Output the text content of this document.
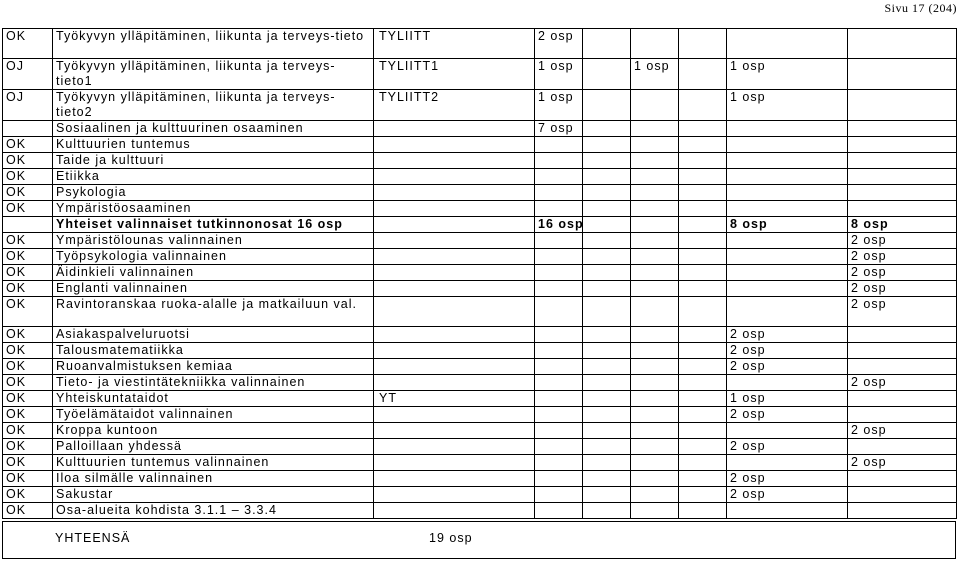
Sivu 17 (204)
OK	Työkyvyn ylläpitäminen, liikunta ja terveys-tieto	TYLIITT	2 osp					
OJ	Työkyvyn ylläpitäminen, liikunta ja terveys-tieto1	TYLIITT1	1 osp		1 osp		1 osp	
OJ	Työkyvyn ylläpitäminen, liikunta ja terveys-tieto2	TYLIITT2	1 osp				1 osp	
	Sosiaalinen ja kulttuurinen osaaminen		7 osp					
OK	Kulttuurien tuntemus							
OK	Taide ja kulttuuri							
OK	Etiikka							
OK	Psykologia							
OK	Ympäristöosaaminen							
	Yhteiset valinnaiset tutkinnonosat 16 osp		16 osp				8 osp	8 osp
OK	Ympäristölounas valinnainen							2 osp
OK	Työpsykologia valinnainen							2 osp
OK	Äidinkieli valinnainen							2 osp
OK	Englanti valinnainen							2 osp
OK	Ravintoranskaa ruoka-alalle ja matkailuun val.							2 osp
OK	Asiakaspalveluruotsi						2 osp	
OK	Talousmatematiikka						2 osp	
OK	Ruoanvalmistuksen kemiaa						2 osp	
OK	Tieto- ja viestintätekniikka valinnainen							2 osp
OK	Yhteiskuntataidot	YT					1 osp	
OK	Työelämätaidot valinnainen						2 osp	
OK	Kroppa kuntoon							2 osp
OK	Palloillaan yhdessä						2 osp	
OK	Kulttuurien tuntemus valinnainen							2 osp
OK	Iloa silmälle valinnainen						2 osp	
OK	Sakustar						2 osp	
OK	Osa-alueita kohdista 3.1.1 – 3.3.4							
YHTEENSÄ	19 osp
